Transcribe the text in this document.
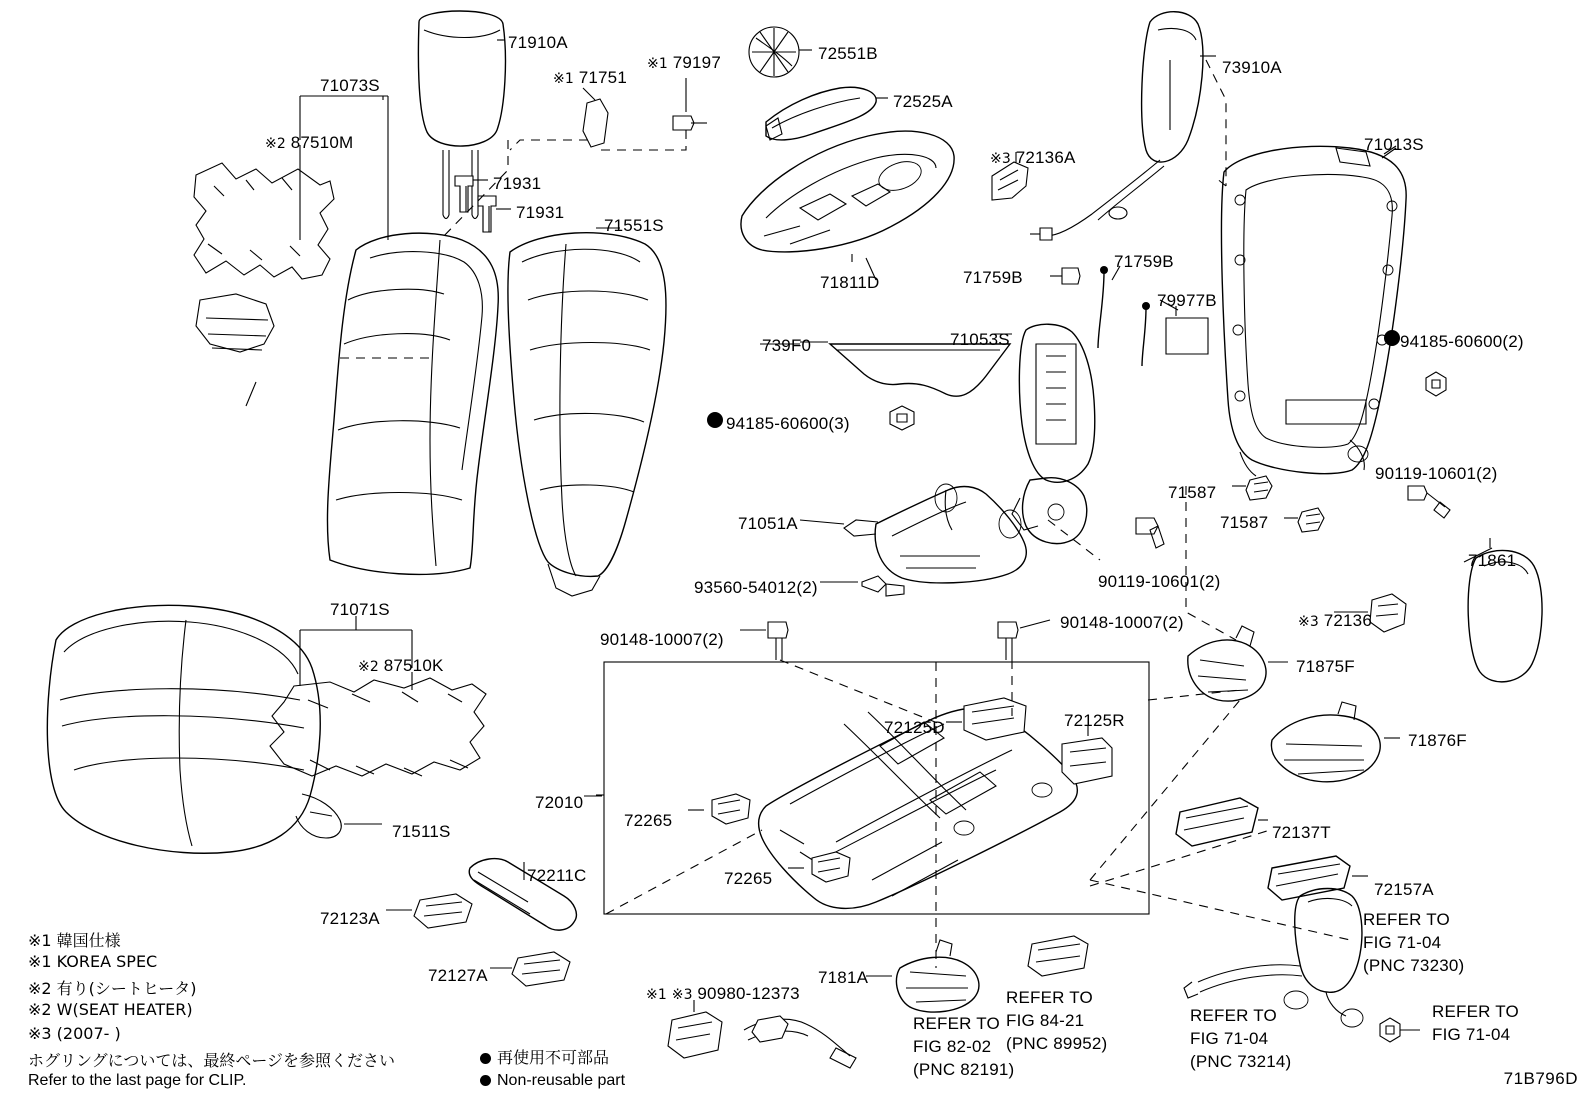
71910A
71073S	※1 71751
※1 79197
※2 87510M
71931
71931
71551S
72551B
72525A
※3 72136A
73910A
71013S
71811D	71759B
71759B
79977B
739F0	71053S	94185-60600(2)
94185-60600(3)
90119-10601(2)
71587
71587
71051A
90119-10601(2)
71861
93560-54012(2)
※3 72136
71071S
90148-10007(2)
90148-10007(2)
※2 87510K	71875F
72125D	72125R
71876F
72010
72265
72137T
71511S
72265
72211C
72157A
72123A
72127A
※1 ※3 90980-12373
7181A
REFER TO
FIG 71-04
(PNC 73230)
REFER TO
FIG 84-21
(PNC 89952)
REFER TO
FIG 71-04
(PNC 73214)
REFER TO
FIG 71-04
REFER TO
FIG 82-02
(PNC 82191)
※1 韓国仕様
※1 KOREA SPEC
※2 有り(シートヒータ)
※2 W(SEAT HEATER)
※3 (2007- )
ホグリングについては、最終ページを参照ください
Refer to the last page for CLIP.
再使用不可部品
Non-reusable part	71B796D
